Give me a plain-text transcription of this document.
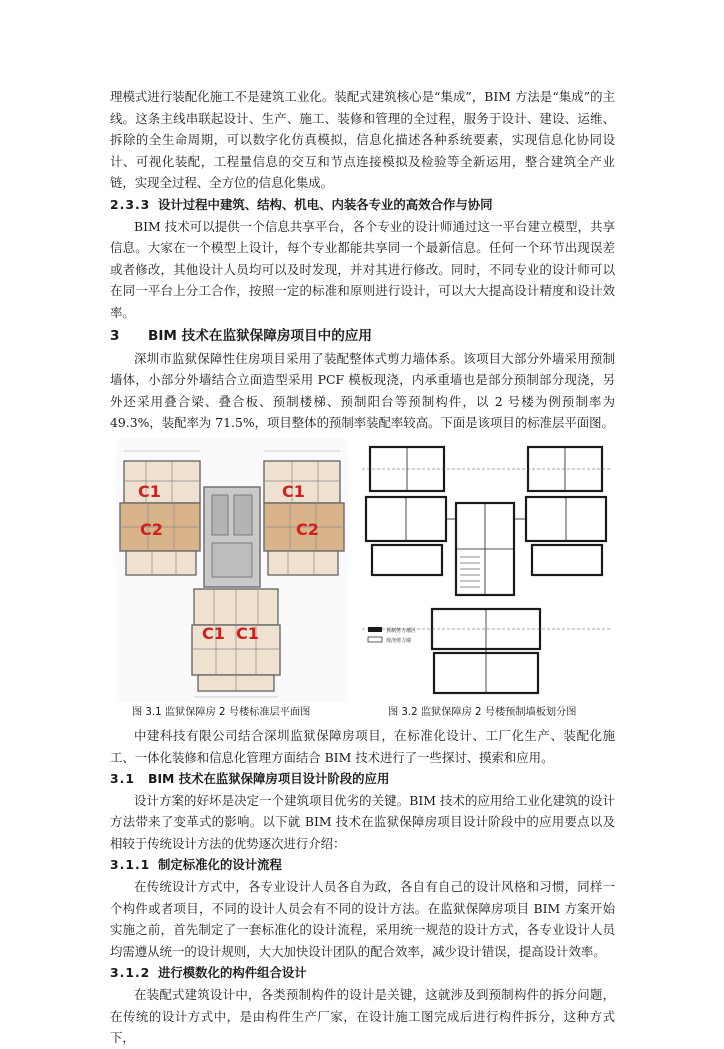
理模式进行装配化施工不是建筑工业化。装配式建筑核心是“集成”，BIM 方法是“集成”的主线。这条主线串联起设计、生产、施工、装修和管理的全过程，服务于设计、建设、运维、拆除的全生命周期，可以数字化仿真模拟，信息化描述各种系统要素，实现信息化协同设计、可视化装配，工程量信息的交互和节点连接模拟及检验等全新运用，整合建筑全产业链，实现全过程、全方位的信息化集成。

2.3.3 设计过程中建筑、结构、机电、内装各专业的高效合作与协同

BIM 技术可以提供一个信息共享平台，各个专业的设计师通过这一平台建立模型，共享信息。大家在一个模型上设计，每个专业都能共享同一个最新信息。任何一个环节出现误差或者修改，其他设计人员均可以及时发现，并对其进行修改。同时，不同专业的设计师可以在同一平台上分工合作，按照一定的标准和原则进行设计，可以大大提高设计精度和设计效率。

3 BIM 技术在监狱保障房项目中的应用

深圳市监狱保障性住房项目采用了装配整体式剪力墙体系。该项目大部分外墙采用预制墙体，小部分外墙结合立面造型采用 PCF 模板现浇，内承重墙也是部分预制部分现浇，另外还采用叠合梁、叠合板、预制楼梯、预制阳台等预制构件，以 2 号楼为例预制率为 49.3%，装配率为 71.5%，项目整体的预制率装配率较高。下面是该项目的标准层平面图。

C1	C1
C2	C2
C1 C1	预制剪力墙区
现浇剪力墙
图 3.1 监狱保障房 2 号楼标准层平面图	图 3.2 监狱保障房 2 号楼预制墙板划分图

中建科技有限公司结合深圳监狱保障房项目，在标准化设计、工厂化生产、装配化施工、一体化装修和信息化管理方面结合 BIM 技术进行了一些探讨、摸索和应用。

3.1 BIM 技术在监狱保障房项目设计阶段的应用

设计方案的好坏是决定一个建筑项目优劣的关键。BIM 技术的应用给工业化建筑的设计方法带来了变革式的影响。以下就 BIM 技术在监狱保障房项目设计阶段中的应用要点以及相较于传统设计方法的优势逐次进行介绍：

3.1.1 制定标准化的设计流程

在传统设计方式中，各专业设计人员各自为政，各自有自己的设计风格和习惯，同样一个构件或者项目，不同的设计人员会有不同的设计方法。在监狱保障房项目 BIM 方案开始实施之前，首先制定了一套标准化的设计流程，采用统一规范的设计方式，各专业设计人员均需遵从统一的设计规则，大大加快设计团队的配合效率，减少设计错误，提高设计效率。

3.1.2 进行模数化的构件组合设计

在装配式建筑设计中，各类预制构件的设计是关键，这就涉及到预制构件的拆分问题，在传统的设计方式中，是由构件生产厂家，在设计施工图完成后进行构件拆分，这种方式下，
